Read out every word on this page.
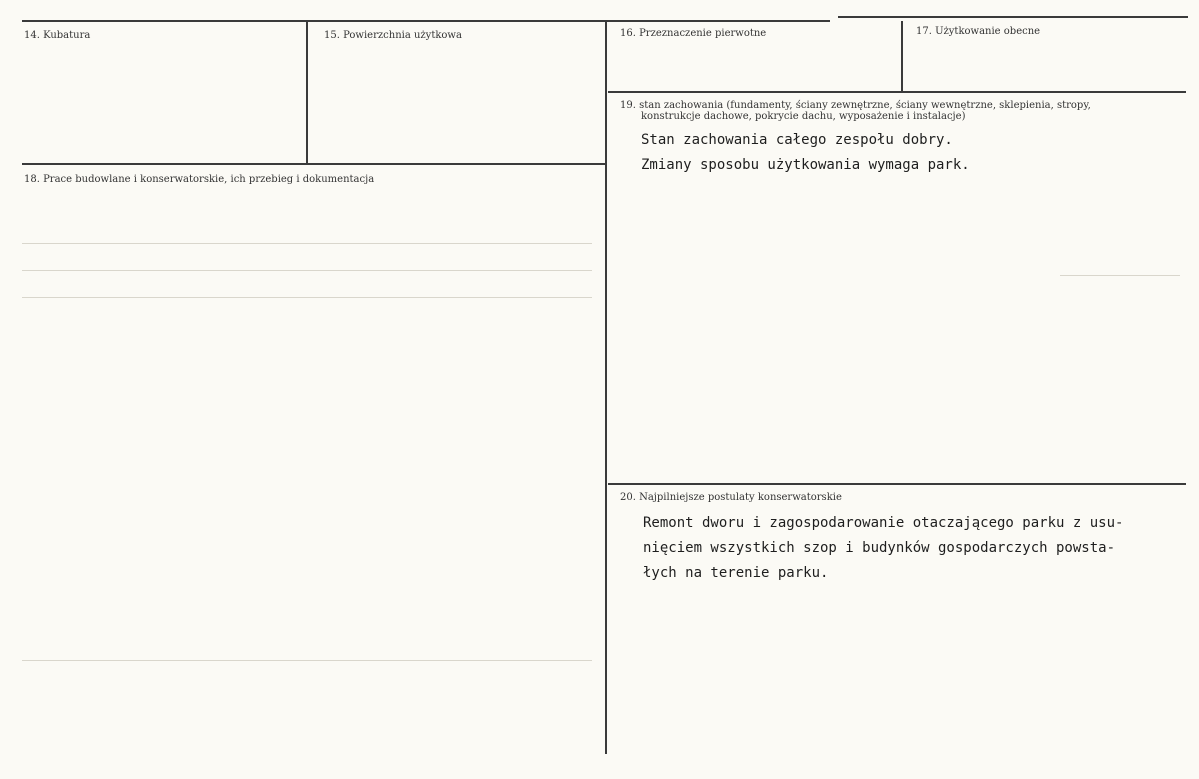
14. Kubatura	15. Powierzchnia użytkowa	16. Przeznaczenie pierwotne	17. Użytkowanie obecne
18. Prace budowlane i konserwatorskie, ich przebieg i dokumentacja
19. stan zachowania (fundamenty, ściany zewnętrzne, ściany wewnętrzne, sklepienia, stropy,
konstrukcje dachowe, pokrycie dachu, wyposażenie i instalacje)
20. Najpilniejsze postulaty konserwatorskie
Stan zachowania całego zespołu dobry.
Zmiany sposobu użytkowania wymaga park.
Remont dworu i zagospodarowanie otaczającego parku z usu-
nięciem wszystkich szop i budynków gospodarczych powsta-
łych na terenie parku.
